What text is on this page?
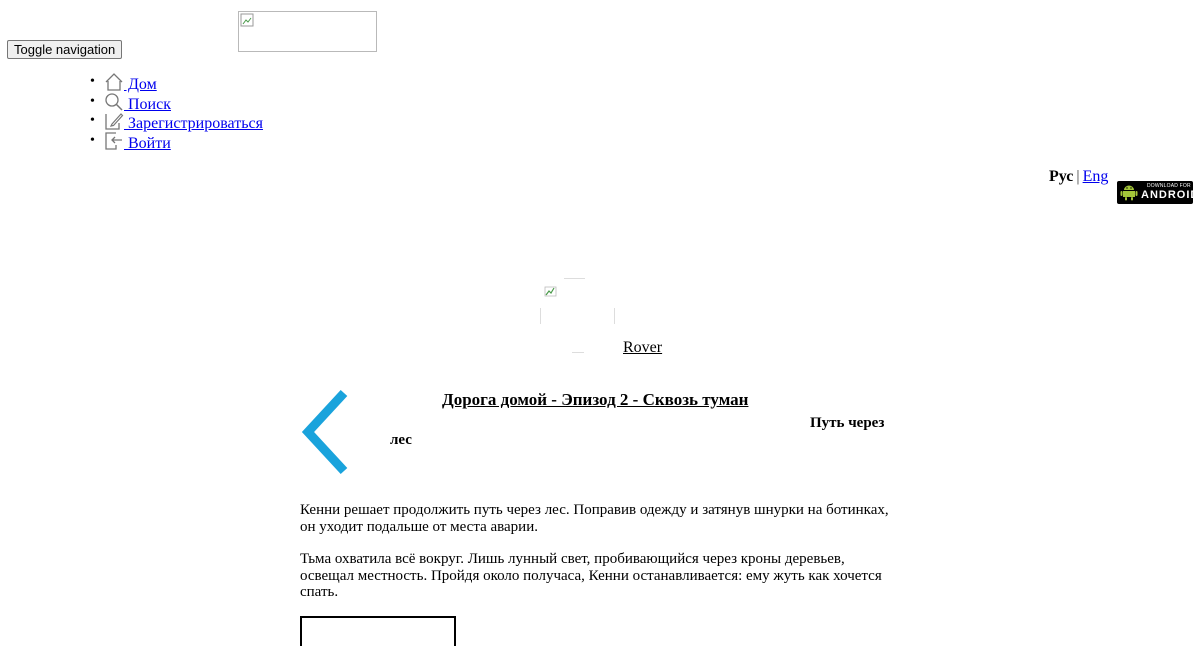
Toggle navigation
• Дом
• Поиск
• Зарегистрироваться
• Войти
Рус | Eng
DOWNLOAD FOR
ANDROID
Rover
Дорога домой - Эпизод 2 - Сквозь туман
Путь через
лес

Кенни решает продолжить путь через лес. Поправив одежду и затянув шнурки на ботинках, он уходит подальше от места аварии.

Тьма охватила всё вокруг. Лишь лунный свет, пробивающийся через кроны деревьев, освещал местность. Пройдя около получаса, Кенни останавливается: ему жуть как хочется спать.
